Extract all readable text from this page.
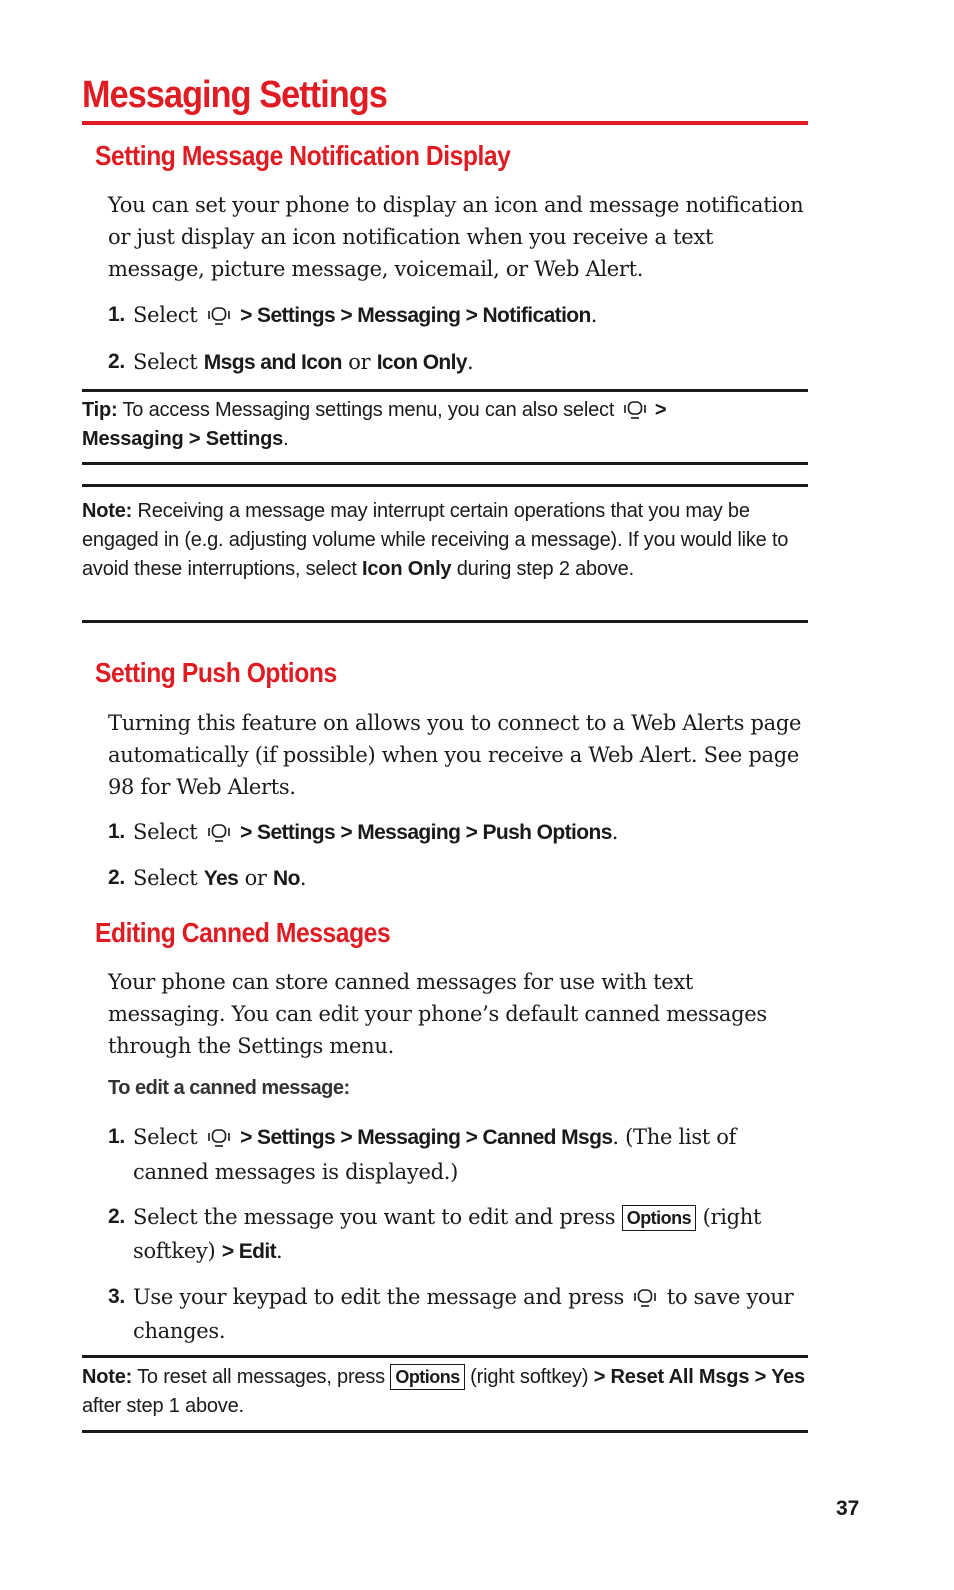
Messaging Settings
Setting Message Notification Display

You can set your phone to display an icon and message notification or just display an icon notification when you receive a text message, picture message, voicemail, or Web Alert.

1. Select > Settings > Messaging > Notification.
2. Select Msgs and Icon or Icon Only.
Tip: To access Messaging settings menu, you can also select >
Messaging > Settings.
Note: Receiving a message may interrupt certain operations that you may be engaged in (e.g. adjusting volume while receiving a message). If you would like to avoid these interruptions, select Icon Only during step 2 above.
Setting Push Options

Turning this feature on allows you to connect to a Web Alerts page automatically (if possible) when you receive a Web Alert. See page 98 for Web Alerts.

1. Select > Settings > Messaging > Push Options.
2. Select Yes or No.
Editing Canned Messages

Your phone can store canned messages for use with text messaging. You can edit your phone’s default canned messages through the Settings menu.

To edit a canned message:
1. Select > Settings > Messaging > Canned Msgs. (The list of canned messages is displayed.)
2. Select the message you want to edit and press Options (right softkey) > Edit.
3. Use your keypad to edit the message and press to save your changes.
Note: To reset all messages, press Options (right softkey) > Reset All Msgs > Yes after step 1 above.
37
